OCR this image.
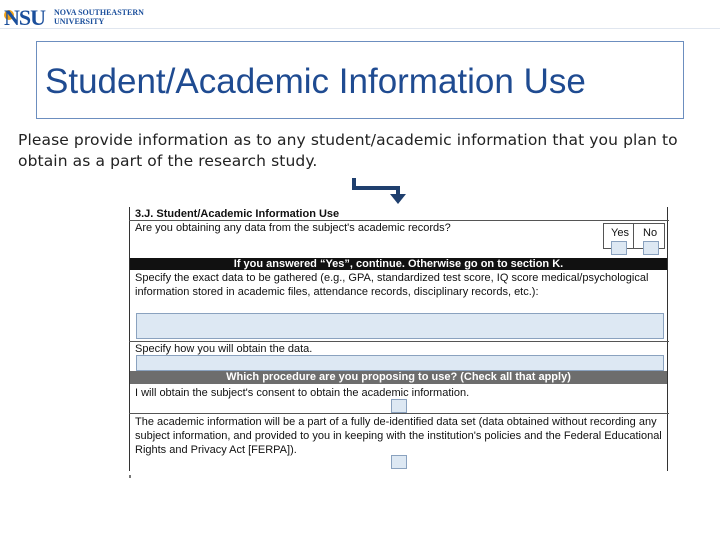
NSU NOVA SOUTHEASTERN
UNIVERSITY
Student/Academic Information Use
Please provide information as to any student/academic information that you plan to obtain as a part of the research study.
3.J. Student/Academic Information Use
Are you obtaining any data from the subject's academic records?	Yes No
If you answered “Yes”, continue. Otherwise go on to section K.
Specify the exact data to be gathered (e.g., GPA, standardized test score, IQ score medical/psychological information stored in academic files, attendance records, disciplinary records, etc.):
Specify how you will obtain the data.
Which procedure are you proposing to use? (Check all that apply)
I will obtain the subject's consent to obtain the academic information.
The academic information will be a part of a fully de-identified data set (data obtained without recording any subject information, and provided to you in keeping with the institution's policies and the Federal Educational Rights and Privacy Act [FERPA]).
